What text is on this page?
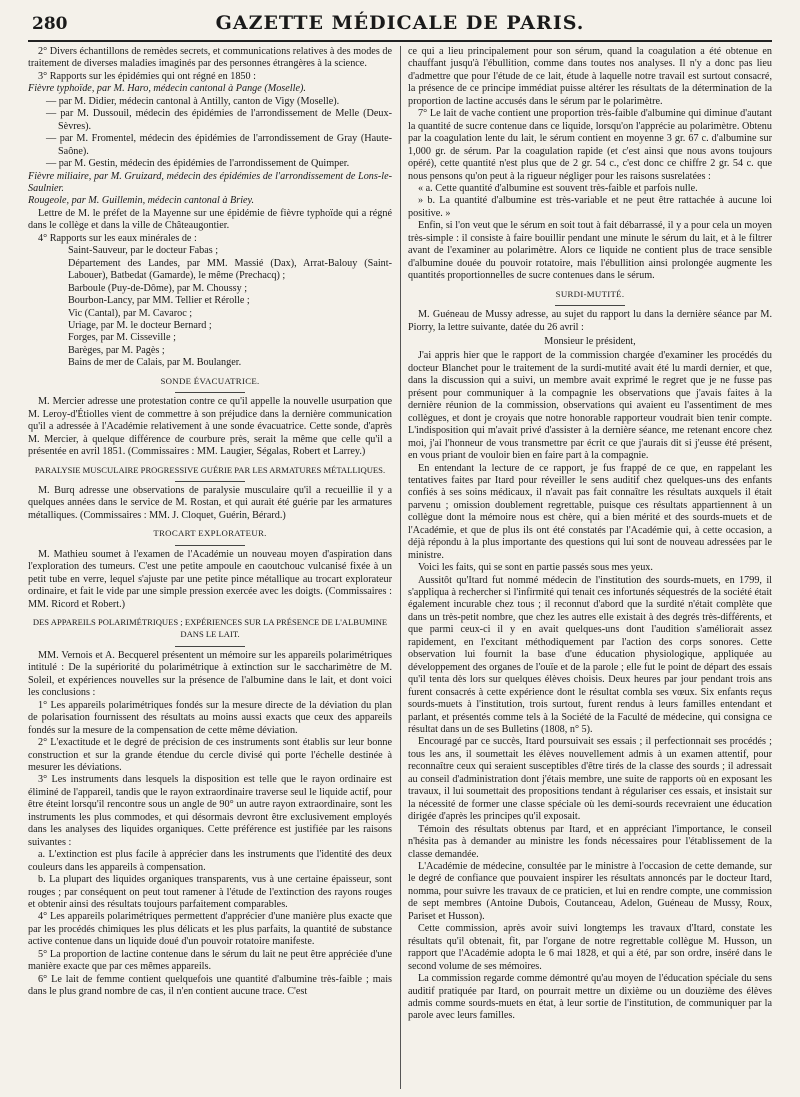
280	GAZETTE MÉDICALE DE PARIS.

2° Divers échantillons de remèdes secrets, et communications relatives à des modes de traitement de diverses maladies imaginés par des personnes étrangères à la science.

3° Rapports sur les épidémies qui ont régné en 1850 :

Fièvre typhoïde, par M. Haro, médecin cantonal à Pange (Moselle).

— par M. Didier, médecin cantonal à Antilly, canton de Vigy (Moselle).

— par M. Dussouil, médecin des épidémies de l'arrondissement de Melle (Deux-Sèvres).

— par M. Fromentel, médecin des épidémies de l'arrondissement de Gray (Haute-Saône).

— par M. Gestin, médecin des épidémies de l'arrondissement de Quimper.

Fièvre miliaire, par M. Gruizard, médecin des épidémies de l'arrondissement de Lons-le-Saulnier.

Rougeole, par M. Guillemin, médecin cantonal à Briey.

Lettre de M. le préfet de la Mayenne sur une épidémie de fièvre typhoïde qui a régné dans le collège et dans la ville de Châteaugontier.

4° Rapports sur les eaux minérales de :

Saint-Sauveur, par le docteur Fabas ;

Département des Landes, par MM. Massié (Dax), Arrat-Balouy (Saint-Labouer), Batbedat (Gamarde), le même (Prechacq) ;

Barboule (Puy-de-Dôme), par M. Choussy ;

Bourbon-Lancy, par MM. Tellier et Rérolle ;

Vic (Cantal), par M. Cavaroc ;

Uriage, par M. le docteur Bernard ;

Forges, par M. Cisseville ;

Barèges, par M. Pagès ;

Bains de mer de Calais, par M. Boulanger.

SONDE ÉVACUATRICE.

M. Mercier adresse une protestation contre ce qu'il appelle la nouvelle usurpation que M. Leroy-d'Étiolles vient de commettre à son préjudice dans la dernière communication qu'il a adressée à l'Académie relativement à une sonde évacuatrice. Cette sonde, d'après M. Mercier, à quelque différence de courbure près, serait la même que celle qu'il a présentée en avril 1851. (Commissaires : MM. Laugier, Ségalas, Robert et Larrey.)

PARALYSIE MUSCULAIRE PROGRESSIVE GUÉRIE PAR LES ARMATURES MÉTALLIQUES.

M. Burq adresse une observations de paralysie musculaire qu'il a recueillie il y a quelques années dans le service de M. Rostan, et qui aurait été guérie par les armatures métalliques. (Commissaires : MM. J. Cloquet, Guérin, Bérard.)

TROCART EXPLORATEUR.

M. Mathieu soumet à l'examen de l'Académie un nouveau moyen d'aspiration dans l'exploration des tumeurs. C'est une petite ampoule en caoutchouc vulcanisé fixée à un petit tube en verre, lequel s'ajuste par une petite pince métallique au trocart explorateur ordinaire, et fait le vide par une simple pression exercée avec les doigts. (Commissaires : MM. Ricord et Robert.)

DES APPAREILS POLARIMÉTRIQUES ; EXPÉRIENCES SUR LA PRÉSENCE DE L'ALBUMINE DANS LE LAIT.

MM. Vernois et A. Becquerel présentent un mémoire sur les appareils polarimétriques intitulé : De la supériorité du polarimétrique à extinction sur le saccharimètre de M. Soleil, et expériences nouvelles sur la présence de l'albumine dans le lait, et dont voici les conclusions :

1° Les appareils polarimétriques fondés sur la mesure directe de la déviation du plan de polarisation fournissent des résultats au moins aussi exacts que ceux des appareils fondés sur la mesure de la compensation de cette même déviation.

2° L'exactitude et le degré de précision de ces instruments sont établis sur leur bonne construction et sur la grande étendue du cercle divisé qui porte l'échelle destinée à mesurer les déviations.

3° Les instruments dans lesquels la disposition est telle que le rayon ordinaire est éliminé de l'appareil, tandis que le rayon extraordinaire traverse seul le liquide actif, pour être éteint lorsqu'il rencontre sous un angle de 90° un autre rayon extraordinaire, sont les instruments les plus commodes, et qui désormais devront être exclusivement employés dans les analyses des liquides organiques. Cette préférence est justifiée par les raisons suivantes :

a. L'extinction est plus facile à apprécier dans les instruments que l'identité des deux couleurs dans les appareils à compensation.

b. La plupart des liquides organiques transparents, vus à une certaine épaisseur, sont rouges ; par conséquent on peut tout ramener à l'étude de l'extinction des rayons rouges et obtenir ainsi des résultats toujours parfaitement comparables.

4° Les appareils polarimétriques permettent d'apprécier d'une manière plus exacte que par les procédés chimiques les plus délicats et les plus parfaits, la quantité de substance active contenue dans un liquide doué d'un pouvoir rotatoire manifeste.

5° La proportion de lactine contenue dans le sérum du lait ne peut être appréciée d'une manière exacte que par ces mêmes appareils.

6° Le lait de femme contient quelquefois une quantité d'albumine très-faible ; mais dans le plus grand nombre de cas, il n'en contient aucune trace. C'est

ce qui a lieu principalement pour son sérum, quand la coagulation a été obtenue en chauffant jusqu'à l'ébullition, comme dans toutes nos analyses. Il n'y a donc pas lieu d'admettre que pour l'étude de ce lait, étude à laquelle notre travail est surtout consacré, la présence de ce principe immédiat puisse altérer les résultats de la détermination de la proportion de lactine accusés dans le sérum par le polarimètre.

7° Le lait de vache contient une proportion très-faible d'albumine qui diminue d'autant la quantité de sucre contenue dans ce liquide, lorsqu'on l'apprécie au polarimètre. Obtenu par la coagulation lente du lait, le sérum contient en moyenne 3 gr. 67 c. d'albumine sur 1,000 gr. de sérum. Par la coagulation rapide (et c'est ainsi que nous avons toujours opéré), cette quantité n'est plus que de 2 gr. 54 c., c'est donc ce chiffre 2 gr. 54 c. que nous pensons qu'on peut à la rigueur négliger pour les raisons susrelatées :

« a. Cette quantité d'albumine est souvent très-faible et parfois nulle.

» b. La quantité d'albumine est très-variable et ne peut être rattachée à aucune loi positive. »

Enfin, si l'on veut que le sérum en soit tout à fait débarrassé, il y a pour cela un moyen très-simple : il consiste à faire bouillir pendant une minute le sérum du lait, et à le filtrer avant de l'examiner au polarimètre. Alors ce liquide ne contient plus de trace sensible d'albumine douée du pouvoir rotatoire, mais l'ébullition ainsi prolongée augmente les quantités proportionnelles de sucre contenues dans le sérum.

SURDI-MUTITÉ.

M. Guéneau de Mussy adresse, au sujet du rapport lu dans la dernière séance par M. Piorry, la lettre suivante, datée du 26 avril :

Monsieur le président,

J'ai appris hier que le rapport de la commission chargée d'examiner les procédés du docteur Blanchet pour le traitement de la surdi-mutité avait été lu mardi dernier, et que, dans la discussion qui a suivi, un membre avait exprimé le regret que je ne fusse pas présent pour communiquer à la compagnie les observations que j'avais faites à la dernière réunion de la commission, observations qui avaient eu l'assentiment de mes collègues, et dont je croyais que notre honorable rapporteur voudrait bien tenir compte. L'indisposition qui m'avait privé d'assister à la dernière séance, me retenant encore chez moi, j'ai l'honneur de vous transmettre par écrit ce que j'aurais dit si j'eusse été présent, en vous priant de vouloir bien en faire part à la compagnie.

En entendant la lecture de ce rapport, je fus frappé de ce que, en rappelant les tentatives faites par Itard pour réveiller le sens auditif chez quelques-uns des enfants confiés à ses soins médicaux, il n'avait pas fait connaître les résultats auxquels il était parvenu ; omission doublement regrettable, puisque ces résultats appartiennent à un collègue dont la mémoire nous est chère, qui a bien mérité et des sourds-muets et de l'Académie, et que de plus ils ont été constatés par l'Académie qui, à cette occasion, a déjà répondu à la plus importante des questions qui lui sont de nouveau adressées par le ministre.

Voici les faits, qui se sont en partie passés sous mes yeux.

Aussitôt qu'Itard fut nommé médecin de l'institution des sourds-muets, en 1799, il s'appliqua à rechercher si l'infirmité qui tenait ces infortunés séquestrés de la société était également incurable chez tous ; il reconnut d'abord que la surdité n'était complète que dans un très-petit nombre, que chez les autres elle existait à des degrés très-différents, et que parmi ceux-ci il y en avait quelques-uns dont l'audition s'améliorait assez rapidement, en l'excitant méthodiquement par l'action des corps sonores. Cette observation lui fournit la base d'une éducation physiologique, appliquée au développement des organes de l'ouïe et de la parole ; elle fut le point de départ des essais qu'il tenta dès lors sur quelques élèves choisis. Deux heures par jour pendant trois ans furent consacrés à cette expérience dont le résultat combla ses vœux. Six enfants reçus sourds-muets à l'institution, trois surtout, furent rendus à leurs familles entendant et parlant, et présentés comme tels à la Société de la Faculté de médecine, qui consigna ce résultat dans un de ses Bulletins (1808, n° 5).

Encouragé par ce succès, Itard poursuivait ses essais ; il perfectionnait ses procédés ; tous les ans, il soumettait les élèves nouvellement admis à un examen attentif, pour reconnaître ceux qui seraient susceptibles d'être tirés de la classe des sourds ; il adressait au conseil d'administration dont j'étais membre, une suite de rapports où en exposant les travaux, il lui soumettait des propositions tendant à régulariser ces essais, et insistait sur la nécessité de former une classe spéciale où les demi-sourds recevraient une éducation dirigée d'après les principes qu'il exposait.

Témoin des résultats obtenus par Itard, et en appréciant l'importance, le conseil n'hésita pas à demander au ministre les fonds nécessaires pour l'établissement de la classe demandée.

L'Académie de médecine, consultée par le ministre à l'occasion de cette demande, sur le degré de confiance que pouvaient inspirer les résultats annoncés par le docteur Itard, nomma, pour suivre les travaux de ce praticien, et lui en rendre compte, une commission de sept membres (Antoine Dubois, Coutanceau, Adelon, Guéneau de Mussy, Roux, Pariset et Husson).

Cette commission, après avoir suivi longtemps les travaux d'Itard, constate les résultats qu'il obtenait, fit, par l'organe de notre regrettable collègue M. Husson, un rapport que l'Académie adopta le 6 mai 1828, et qui a été, par son ordre, inséré dans le second volume de ses mémoires.

La commission regarde comme démontré qu'au moyen de l'éducation spéciale du sens auditif pratiquée par Itard, on pourrait mettre un dixième ou un douzième des élèves admis comme sourds-muets en état, à leur sortie de l'institution, de communiquer par la parole avec leurs familles.
